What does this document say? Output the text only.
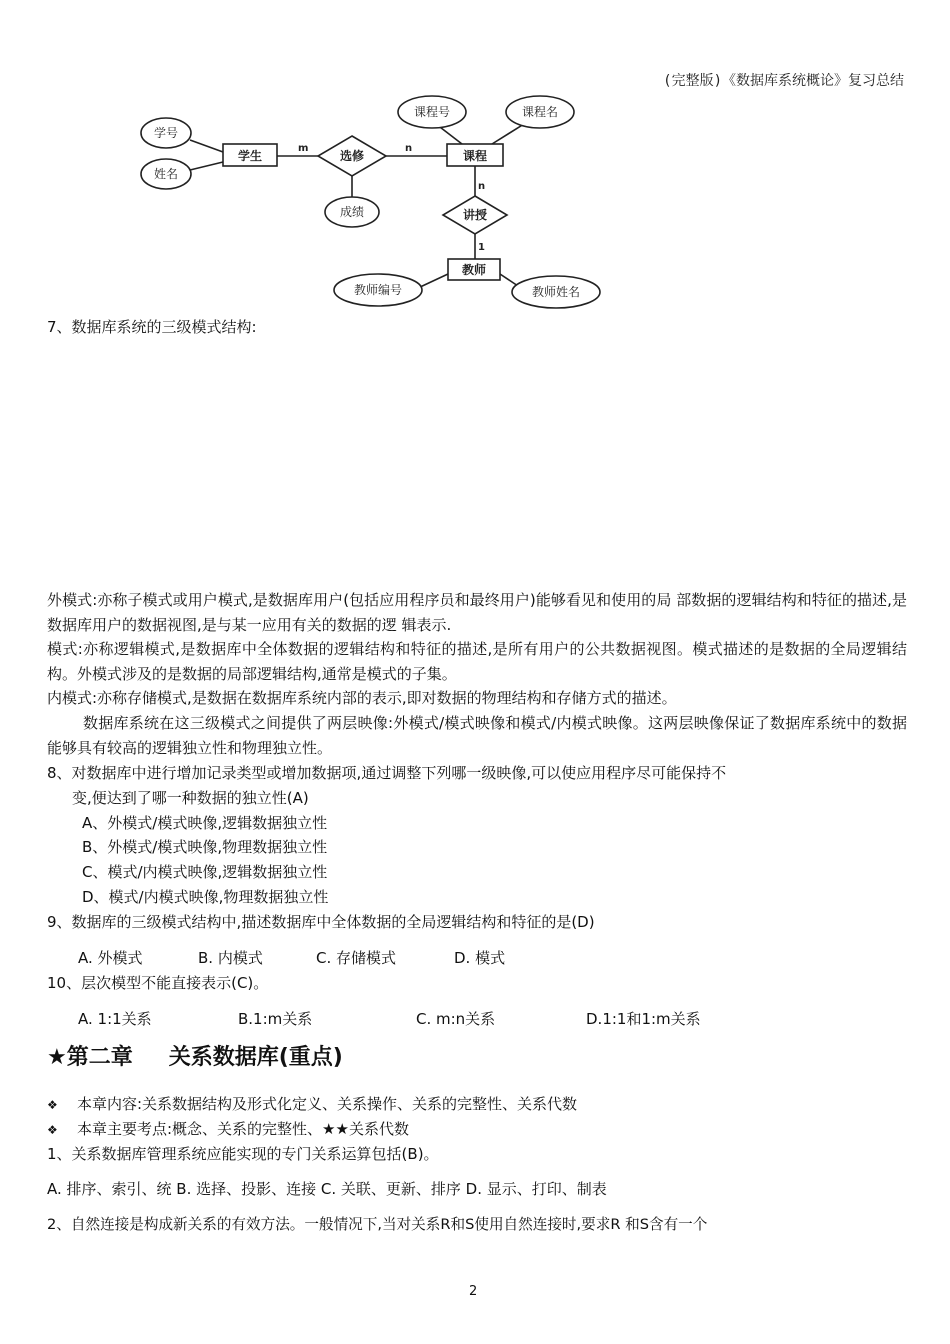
(完整版)《数据库系统概论》复习总结
学生	课程
教师
选修
讲授
学号
姓名
成绩
课程号	课程名
教师编号	教师姓名
m	n
n
1
7、数据库系统的三级模式结构:
外模式:亦称子模式或用户模式,是数据库用户(包括应用程序员和最终用户)能够看见和使用的局 部数据的逻辑结构和特征的描述,是数据库用户的数据视图,是与某一应用有关的数据的逻 辑表示.
模式:亦称逻辑模式,是数据库中全体数据的逻辑结构和特征的描述,是所有用户的公共数据视图。模式描述的是数据的全局逻辑结构。外模式涉及的是数据的局部逻辑结构,通常是模式的子集。
内模式:亦称存储模式,是数据在数据库系统内部的表示,即对数据的物理结构和存储方式的描述。
数据库系统在这三级模式之间提供了两层映像:外模式/模式映像和模式/内模式映像。这两层映像保证了数据库系统中的数据能够具有较高的逻辑独立性和物理独立性。
8、对数据库中进行增加记录类型或增加数据项,通过调整下列哪一级映像,可以使应用程序尽可能保持不
变,便达到了哪一种数据的独立性(A)
A、外模式/模式映像,逻辑数据独立性
B、外模式/模式映像,物理数据独立性
C、模式/内模式映像,逻辑数据独立性
D、模式/内模式映像,物理数据独立性
9、数据库的三级模式结构中,描述数据库中全体数据的全局逻辑结构和特征的是(D)
A. 外模式	B. 内模式	C. 存储模式	D. 模式
10、层次模型不能直接表示(C)。
A. 1:1关系	B.1:m关系	C. m:n关系	D.1:1和1:m关系
★第二章 关系数据库(重点)
❖ 本章内容:关系数据结构及形式化定义、关系操作、关系的完整性、关系代数
❖ 本章主要考点:概念、关系的完整性、★★关系代数
1、关系数据库管理系统应能实现的专门关系运算包括(B)。
A. 排序、索引、统 B. 选择、投影、连接 C. 关联、更新、排序 D. 显示、打印、制表
2、自然连接是构成新关系的有效方法。一般情况下,当对关系R和S使用自然连接时,要求R 和S含有一个
2
